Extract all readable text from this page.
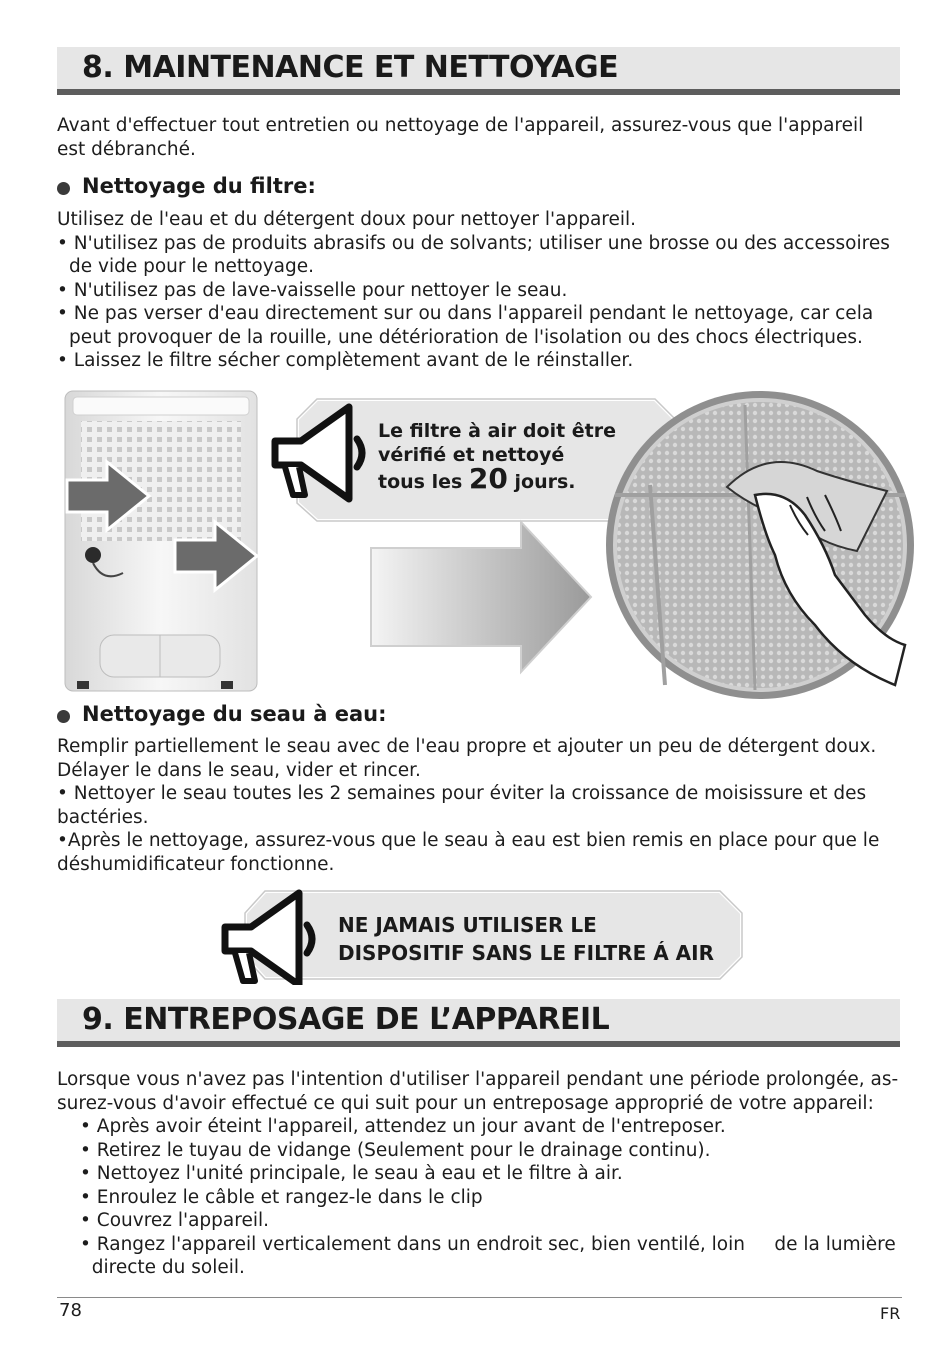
8. MAINTENANCE ET NETTOYAGE
Avant d'effectuer tout entretien ou nettoyage de l'appareil, assurez-vous que l'appareil
est débranché.
Nettoyage du filtre:
Utilisez de l'eau et du détergent doux pour nettoyer l'appareil.
• N'utilisez pas de produits abrasifs ou de solvants; utiliser une brosse ou des accessoires
de vide pour le nettoyage.
• N'utilisez pas de lave-vaisselle pour nettoyer le seau.
• Ne pas verser d'eau directement sur ou dans l'appareil pendant le nettoyage, car cela
peut provoquer de la rouille, une détérioration de l'isolation ou des chocs électriques.
• Laissez le filtre sécher complètement avant de le réinstaller.
Le filtre à air doit être
vérifié et nettoyé
tous les 20 jours.
Nettoyage du seau à eau:
Remplir partiellement le seau avec de l'eau propre et ajouter un peu de détergent doux.
Délayer le dans le seau, vider et rincer.
• Nettoyer le seau toutes les 2 semaines pour éviter la croissance de moisissure et des
bactéries.
•Après le nettoyage, assurez-vous que le seau à eau est bien remis en place pour que le
déshumidificateur fonctionne.
NE JAMAIS UTILISER LE
DISPOSITIF SANS LE FILTRE Á AIR
9. ENTREPOSAGE DE L’APPAREIL
Lorsque vous n'avez pas l'intention d'utiliser l'appareil pendant une période prolongée, as-
surez-vous d'avoir effectué ce qui suit pour un entreposage approprié de votre appareil:
• Après avoir éteint l'appareil, attendez un jour avant de l'entreposer.
• Retirez le tuyau de vidange (Seulement pour le drainage continu).
• Nettoyez l'unité principale, le seau à eau et le filtre à air.
• Enroulez le câble et rangez-le dans le clip
• Couvrez l'appareil.
• Rangez l'appareil verticalement dans un endroit sec, bien ventilé, loin     de la lumière
directe du soleil.
78	FR
